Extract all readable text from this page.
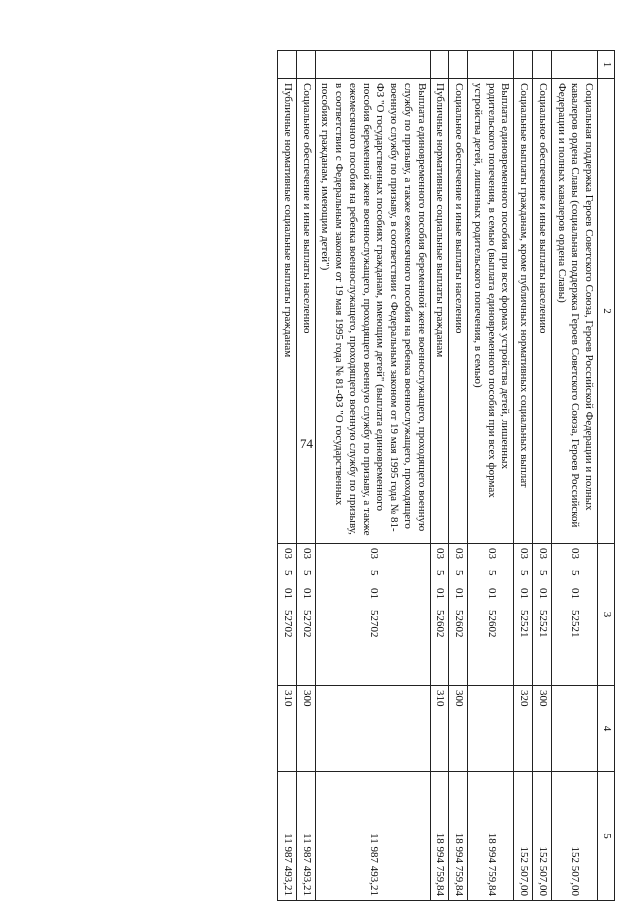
74
1	2	3	4	5
	Социальная поддержка Героев Советского Союза, Героев Российской Федерации и полных кавалеров ордена Славы (социальная поддержка Героев Советского Союза, Героев Российской Федерации и полных кавалеров ордена Славы)	0350152521		152 507,00
	Социальное обеспечение и иные выплаты населению	0350152521	300	152 507,00
	Социальные выплаты гражданам, кроме публичных нормативных социальных выплат	0350152521	320	152 507,00
	Выплата единовременного пособия при всех формах устройства детей, лишенных родительского попечения, в семью (выплата единовременного пособия при всех формах устройства детей, лишенных родительского попечения, в семью)	0350152602		18 994 759,84
	Социальное обеспечение и иные выплаты населению	0350152602	300	18 994 759,84
	Публичные нормативные социальные выплаты гражданам	0350152602	310	18 994 759,84
	Выплата единовременного пособия беременной жене военнослужащего, проходящего военную службу по призыву, а также ежемесячного пособия на ребенка военнослужащего, проходящего военную службу по призыву, в соответствии с Федеральным законом от 19 мая 1995 года № 81-ФЗ "О государственных пособиях гражданам, имеющим детей" (выплата единовременного пособия беременной жене военнослужащего, проходящего военную службу по призыву, а также ежемесячного пособия на ребенка военнослужащего, проходящего военную службу по призыву, в соответствии с Федеральным законом от 19 мая 1995 года № 81-ФЗ "О государственных пособиях гражданам, имеющим детей")	0350152702		11 987 493,21
	Социальное обеспечение и иные выплаты населению	0350152702	300	11 987 493,21
	Публичные нормативные социальные выплаты гражданам	0350152702	310	11 987 493,21
